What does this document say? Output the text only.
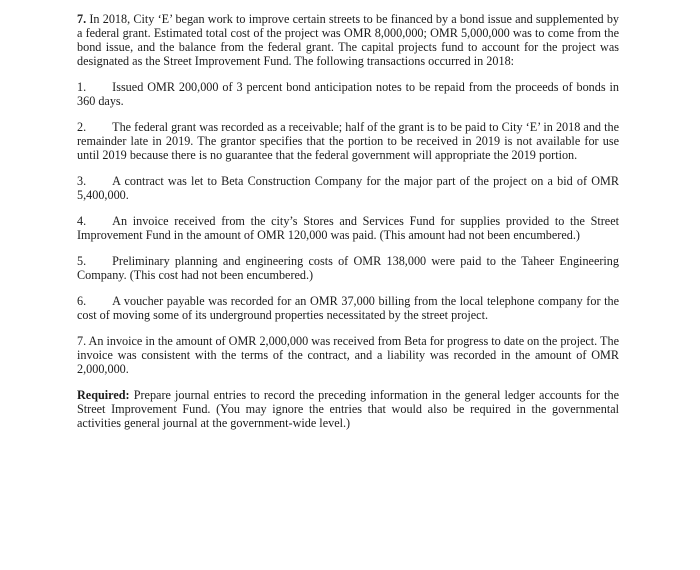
7. In 2018, City ‘E’ began work to improve certain streets to be financed by a bond issue and supplemented by a federal grant. Estimated total cost of the project was OMR 8,000,000; OMR 5,000,000 was to come from the bond issue, and the balance from the federal grant. The capital projects fund to account for the project was designated as the Street Improvement Fund. The following transactions occurred in 2018:

1. Issued OMR 200,000 of 3 percent bond anticipation notes to be repaid from the proceeds of bonds in 360 days.

2. The federal grant was recorded as a receivable; half of the grant is to be paid to City ‘E’ in 2018 and the remainder late in 2019. The grantor specifies that the portion to be received in 2019 is not available for use until 2019 because there is no guarantee that the federal government will appropriate the 2019 portion.

3. A contract was let to Beta Construction Company for the major part of the project on a bid of OMR 5,400,000.

4. An invoice received from the city’s Stores and Services Fund for supplies provided to the Street Improvement Fund in the amount of OMR 120,000 was paid. (This amount had not been encumbered.)

5. Preliminary planning and engineering costs of OMR 138,000 were paid to the Taheer Engineering Company. (This cost had not been encumbered.)

6. A voucher payable was recorded for an OMR 37,000 billing from the local telephone company for the cost of moving some of its underground properties necessitated by the street project.

7. An invoice in the amount of OMR 2,000,000 was received from Beta for progress to date on the project. The invoice was consistent with the terms of the contract, and a liability was recorded in the amount of OMR 2,000,000.

Required: Prepare journal entries to record the preceding information in the general ledger accounts for the Street Improvement Fund. (You may ignore the entries that would also be required in the governmental activities general journal at the government-wide level.)
